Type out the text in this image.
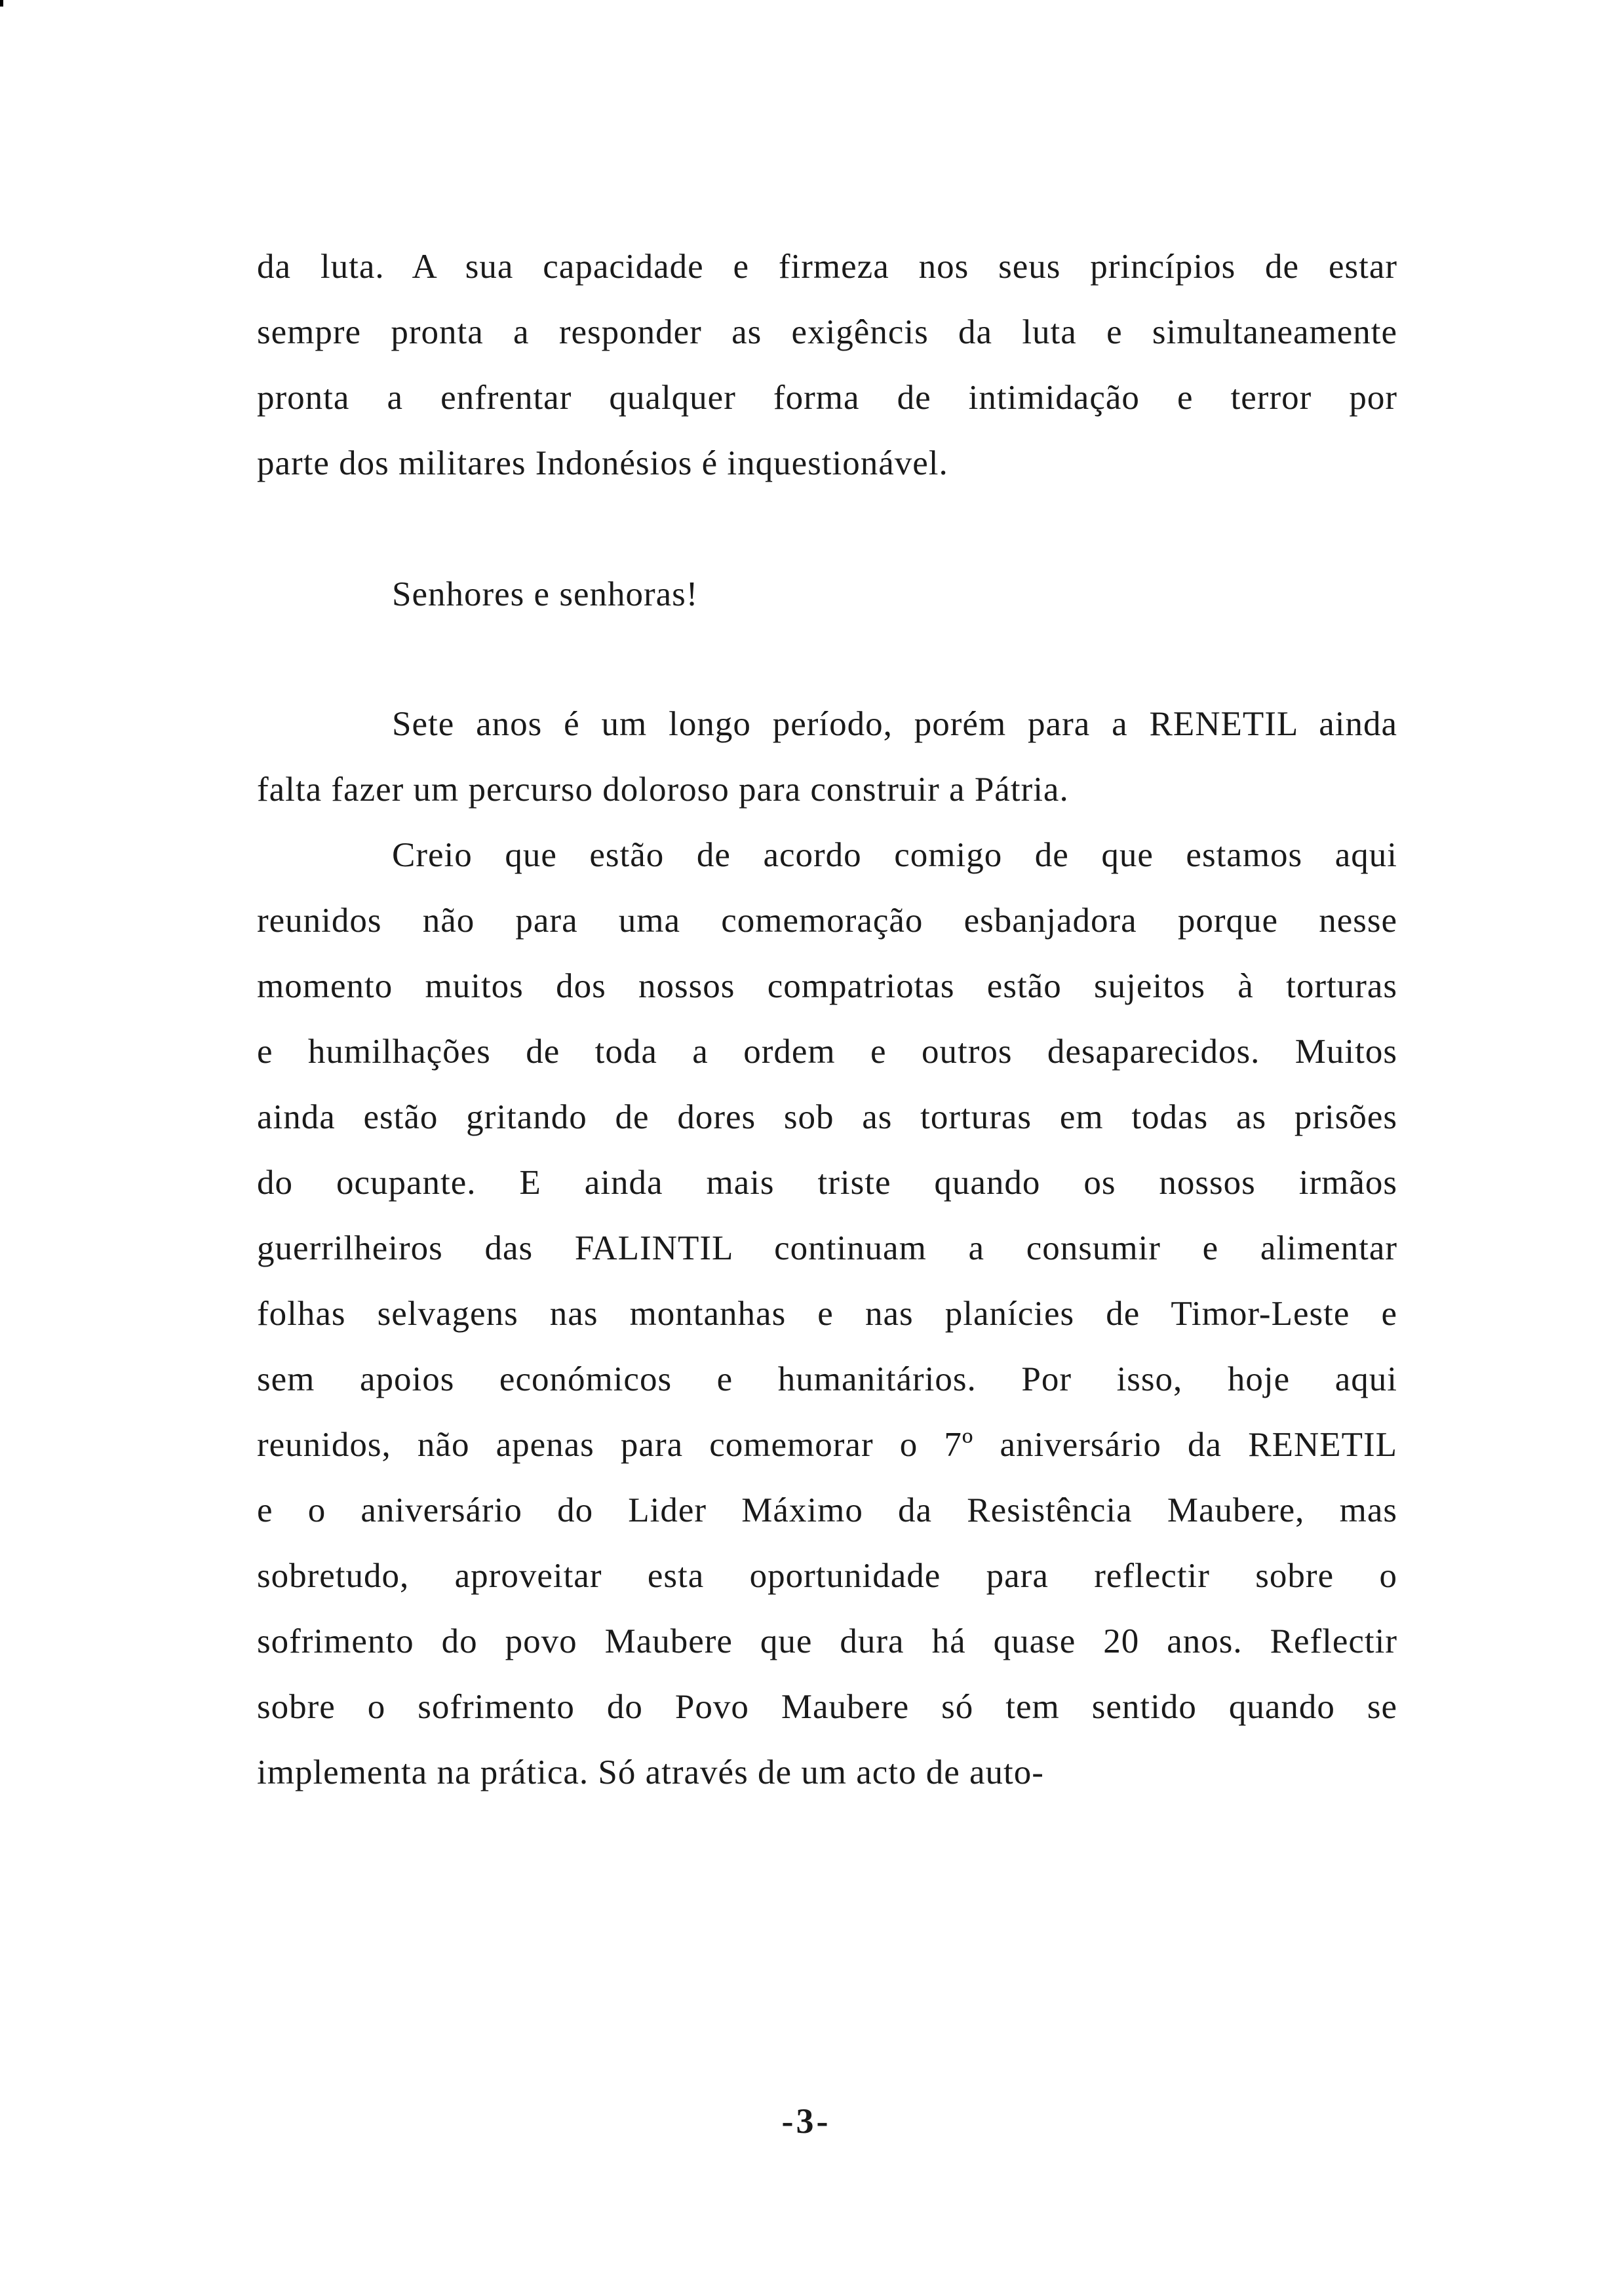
da luta. A sua capacidade e firmeza nos seus princípios de estar
sempre pronta a responder as exigêncis da luta e simultaneamente
pronta a enfrentar qualquer forma de intimidação e terror por
parte dos militares Indonésios é inquestionável.
Senhores e senhoras!
Sete anos é um longo período, porém para a RENETIL ainda
falta fazer um percurso doloroso para construir a Pátria.
Creio que estão de acordo comigo de que estamos aqui
reunidos não para uma comemoração esbanjadora porque nesse
momento muitos dos nossos compatriotas estão sujeitos à torturas
e humilhações de toda a ordem e outros desaparecidos. Muitos
ainda estão gritando de dores sob as torturas em todas as prisões
do ocupante. E ainda mais triste quando os nossos irmãos
guerrilheiros das FALINTIL continuam a consumir e alimentar
folhas selvagens nas montanhas e nas planícies de Timor-Leste e
sem apoios económicos e humanitários. Por isso, hoje aqui
reunidos, não apenas para comemorar o 7º aniversário da RENETIL
e o aniversário do Lider Máximo da Resistência Maubere, mas
sobretudo, aproveitar esta oportunidade para reflectir sobre o
sofrimento do povo Maubere que dura há quase 20 anos. Reflectir
sobre o sofrimento do Povo Maubere só tem sentido quando se
implementa na prática. Só através de um acto de auto-
-3-
